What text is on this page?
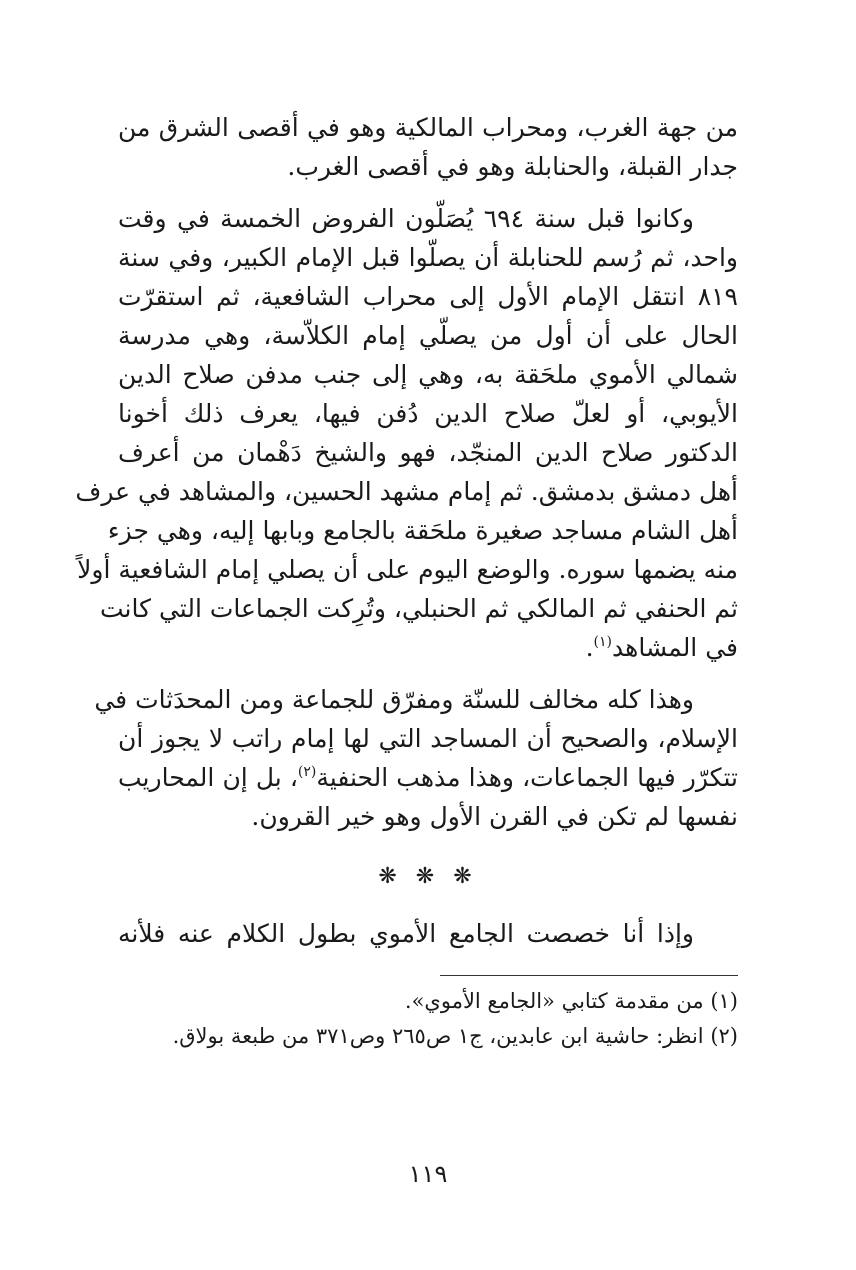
من جهة الغرب، ومحراب المالكية وهو في أقصى الشرق من
جدار القبلة، والحنابلة وهو في أقصى الغرب.
وكانوا قبل سنة ٦٩٤ يُصَلّون الفروض الخمسة في وقت
واحد، ثم رُسم للحنابلة أن يصلّوا قبل الإمام الكبير، وفي سنة
٨١٩ انتقل الإمام الأول إلى محراب الشافعية، ثم استقرّت
الحال على أن أول من يصلّي إمام الكلاّسة، وهي مدرسة
شمالي الأموي ملحَقة به، وهي إلى جنب مدفن صلاح الدين
الأيوبي، أو لعلّ صلاح الدين دُفن فيها، يعرف ذلك أخونا
الدكتور صلاح الدين المنجّد، فهو والشيخ دَهْمان من أعرف
أهل دمشق بدمشق. ثم إمام مشهد الحسين، والمشاهد في عرف
أهل الشام مساجد صغيرة ملحَقة بالجامع وبابها إليه، وهي جزء
منه يضمها سوره. والوضع اليوم على أن يصلي إمام الشافعية أولاً
ثم الحنفي ثم المالكي ثم الحنبلي، وتُرِكت الجماعات التي كانت
في المشاهد$^{(١)}$.
وهذا كله مخالف للسنّة ومفرّق للجماعة ومن المحدَثات في
الإسلام، والصحيح أن المساجد التي لها إمام راتب لا يجوز أن
تتكرّر فيها الجماعات، وهذا مذهب الحنفية$^{(٢)}$، بل إن المحاريب
نفسها لم تكن في القرن الأول وهو خير القرون.
❋ ❋ ❋
وإذا أنا خصصت الجامع الأموي بطول الكلام عنه فلأنه
(١) من مقدمة كتابي «الجامع الأموي».
(٢) انظر: حاشية ابن عابدين، ج١ ص٢٦٥ وص٣٧١ من طبعة بولاق.
١١٩
